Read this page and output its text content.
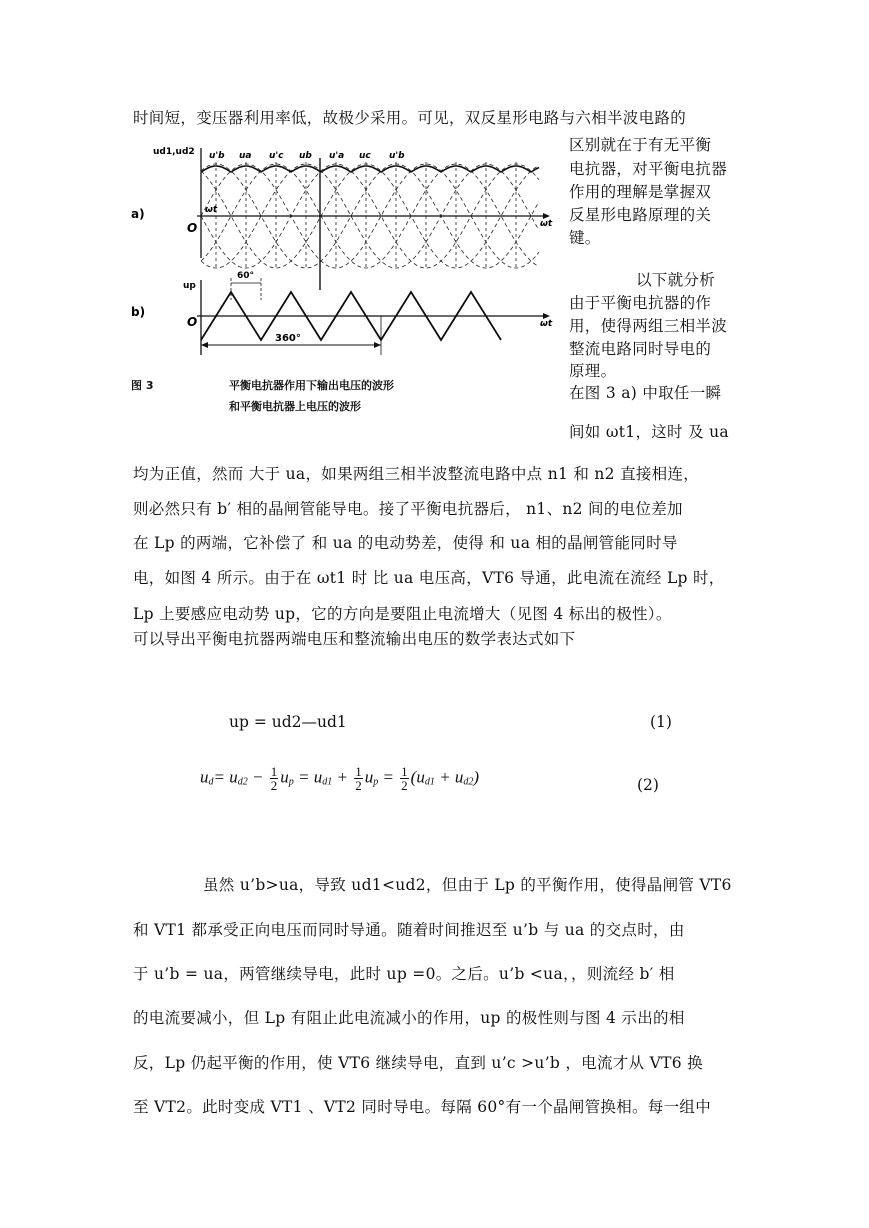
时间短，变压器利用率低，故极少采用。可见，双反星形电路与六相半波电路的
a)
b)
ud1,ud2
up
O
O
ωt
ωt
ωt
u'b ua u'c ub u'a uc u'b
60°
360°
图 3	平衡电抗器作用下输出电压的波形
和平衡电抗器上电压的波形
区别就在于有无平衡
电抗器，对平衡电抗器
作用的理解是掌握双
反星形电路原理的关
键。
以下就分析
由于平衡电抗器的作
用，使得两组三相半波
整流电路同时导电的
原理。
在图 3 a) 中取任一瞬
间如 ωt1，这时 及 ua
均为正值，然而 大于 ua，如果两组三相半波整流电路中点 n1 和 n2 直接相连，
则必然只有 b′ 相的晶闸管能导电。接了平衡电抗器后， n1、n2 间的电位差加
在 Lp 的两端，它补偿了 和 ua 的电动势差，使得 和 ua 相的晶闸管能同时导
电，如图 4 所示。由于在 ωt1 时 比 ua 电压高，VT6 导通，此电流在流经 Lp 时，
Lp 上要感应电动势 up，它的方向是要阻止电流增大（见图 4 标出的极性）。
可以导出平衡电抗器两端电压和整流输出电压的数学表达式如下
up = ud2—ud1	(1)
$u_d= u_{d2} - \frac{1}{2} u_p = u_{d1} + \frac{1}{2} u_p = \frac{1}{2} (u_{d1} + u_{d2})$	(2)
虽然 u’b>ua，导致 ud1<ud2，但由于 Lp 的平衡作用，使得晶闸管 VT6
和 VT1 都承受正向电压而同时导通。随着时间推迟至 u’b 与 ua 的交点时，由
于 u’b = ua，两管继续导电，此时 up =0。之后。u’b <ua，，则流经 b′ 相
的电流要减小，但 Lp 有阻止此电流减小的作用，up 的极性则与图 4 示出的相
反，Lp 仍起平衡的作用，使 VT6 继续导电，直到 u’c >u’b ，电流才从 VT6 换
至 VT2。此时变成 VT1 、VT2 同时导电。每隔 60°有一个晶闸管换相。每一组中
